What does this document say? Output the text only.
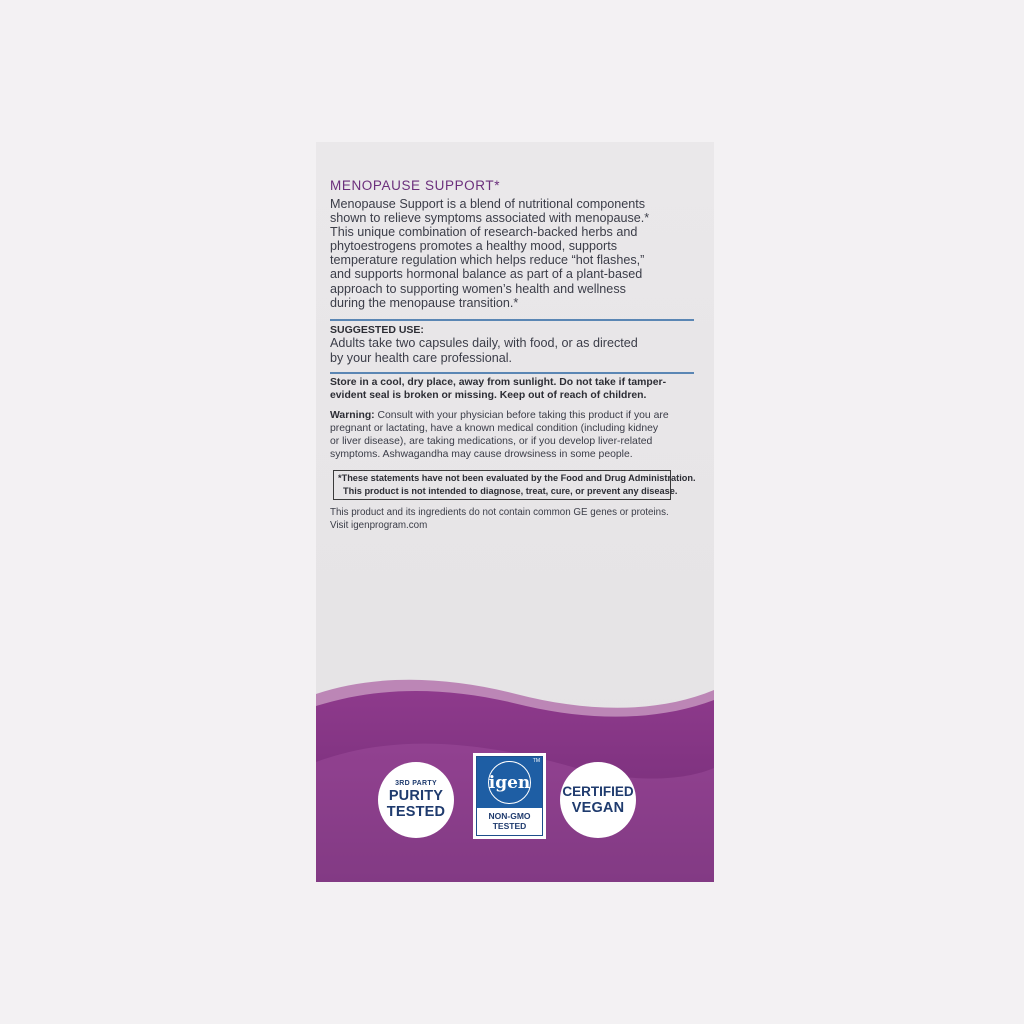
MENOPAUSE SUPPORT*

Menopause Support is a blend of nutritional components

shown to relieve symptoms associated with menopause.*

This unique combination of research-backed herbs and

phytoestrogens promotes a healthy mood, supports

temperature regulation which helps reduce “hot flashes,”

and supports hormonal balance as part of a plant-based

approach to supporting women’s health and wellness

during the menopause transition.*

SUGGESTED USE:

Adults take two capsules daily, with food, or as directed

by your health care professional.

Store in a cool, dry place, away from sunlight. Do not take if tamper-

evident seal is broken or missing. Keep out of reach of children.

Warning: Consult with your physician before taking this product if you are

pregnant or lactating, have a known medical condition (including kidney

or liver disease), are taking medications, or if you develop liver-related

symptoms. Ashwagandha may cause drowsiness in some people.

*These statements have not been evaluated by the Food and Drug Administration.

This product is not intended to diagnose, treat, cure, or prevent any disease.

This product and its ingredients do not contain common GE genes or proteins.

Visit igenprogram.com

3RD PARTY
PURITY
TESTED
igen
TM
NON-GMO
TESTED
CERTIFIED
VEGAN
